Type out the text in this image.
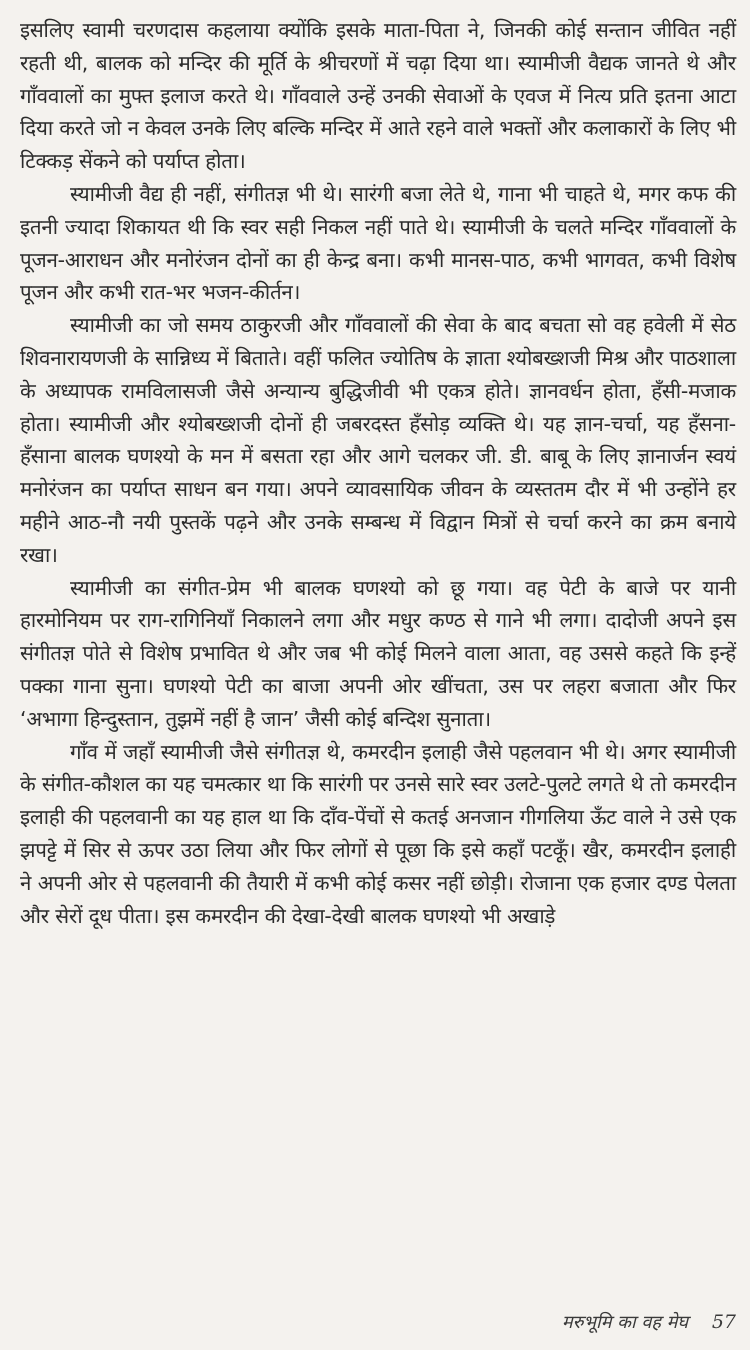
इसलिए स्वामी चरणदास कहलाया क्योंकि इसके माता-पिता ने, जिनकी कोई सन्तान जीवित नहीं रहती थी, बालक को मन्दिर की मूर्ति के श्रीचरणों में चढ़ा दिया था। स्यामीजी वैद्यक जानते थे और गाँववालों का मुफ्त इलाज करते थे। गाँववाले उन्हें उनकी सेवाओं के एवज में नित्य प्रति इतना आटा दिया करते जो न केवल उनके लिए बल्कि मन्दिर में आते रहने वाले भक्तों और कलाकारों के लिए भी टिक्कड़ सेंकने को पर्याप्त होता।

स्यामीजी वैद्य ही नहीं, संगीतज्ञ भी थे। सारंगी बजा लेते थे, गाना भी चाहते थे, मगर कफ की इतनी ज्यादा शिकायत थी कि स्वर सही निकल नहीं पाते थे। स्यामीजी के चलते मन्दिर गाँववालों के पूजन-आराधन और मनोरंजन दोनों का ही केन्द्र बना। कभी मानस-पाठ, कभी भागवत, कभी विशेष पूजन और कभी रात-भर भजन-कीर्तन।

स्यामीजी का जो समय ठाकुरजी और गाँववालों की सेवा के बाद बचता सो वह हवेली में सेठ शिवनारायणजी के सान्निध्य में बिताते। वहीं फलित ज्योतिष के ज्ञाता श्योबख्शजी मिश्र और पाठशाला के अध्यापक रामविलासजी जैसे अन्यान्य बुद्धिजीवी भी एकत्र होते। ज्ञानवर्धन होता, हँसी-मजाक होता। स्यामीजी और श्योबख्शजी दोनों ही जबरदस्त हँसोड़ व्यक्ति थे। यह ज्ञान-चर्चा, यह हँसना-हँसाना बालक घणश्यो के मन में बसता रहा और आगे चलकर जी. डी. बाबू के लिए ज्ञानार्जन स्वयं मनोरंजन का पर्याप्त साधन बन गया। अपने व्यावसायिक जीवन के व्यस्ततम दौर में भी उन्होंने हर महीने आठ-नौ नयी पुस्तकें पढ़ने और उनके सम्बन्ध में विद्वान मित्रों से चर्चा करने का क्रम बनाये रखा।

स्यामीजी का संगीत-प्रेम भी बालक घणश्यो को छू गया। वह पेटी के बाजे पर यानी हारमोनियम पर राग-रागिनियाँ निकालने लगा और मधुर कण्ठ से गाने भी लगा। दादोजी अपने इस संगीतज्ञ पोते से विशेष प्रभावित थे और जब भी कोई मिलने वाला आता, वह उससे कहते कि इन्हें पक्का गाना सुना। घणश्यो पेटी का बाजा अपनी ओर खींचता, उस पर लहरा बजाता और फिर ‘अभागा हिन्दुस्तान, तुझमें नहीं है जान’ जैसी कोई बन्दिश सुनाता।

गाँव में जहाँ स्यामीजी जैसे संगीतज्ञ थे, कमरदीन इलाही जैसे पहलवान भी थे। अगर स्यामीजी के संगीत-कौशल का यह चमत्कार था कि सारंगी पर उनसे सारे स्वर उलटे-पुलटे लगते थे तो कमरदीन इलाही की पहलवानी का यह हाल था कि दाँव-पेंचों से कतई अनजान गीगलिया ऊँट वाले ने उसे एक झपट्टे में सिर से ऊपर उठा लिया और फिर लोगों से पूछा कि इसे कहाँ पटकूँ। खैर, कमरदीन इलाही ने अपनी ओर से पहलवानी की तैयारी में कभी कोई कसर नहीं छोड़ी। रोजाना एक हजार दण्ड पेलता और सेरों दूध पीता। इस कमरदीन की देखा-देखी बालक घणश्यो भी अखाड़े

मरुभूमि का वह मेघ 57
